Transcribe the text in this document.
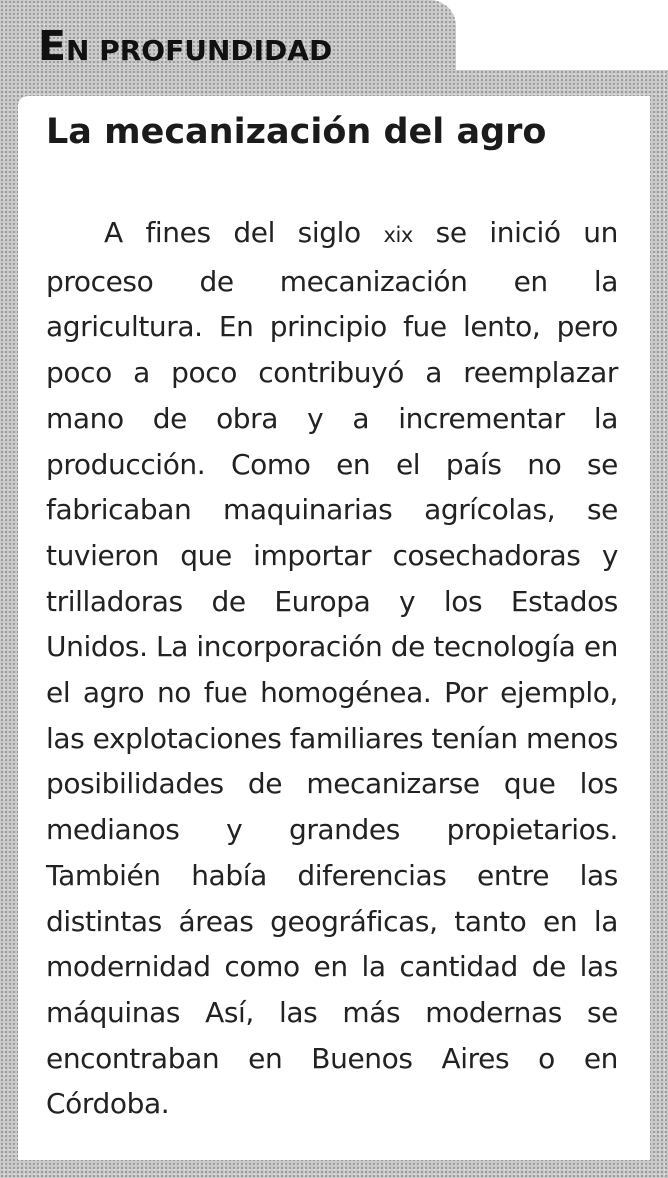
EN PROFUNDIDAD
La mecanización del agro

A fines del siglo xix se inició un proceso de mecanización en la agricultura. En principio fue lento, pero poco a poco contribuyó a reemplazar mano de obra y a incrementar la producción. Como en el país no se fabricaban maquinarias agrícolas, se tuvieron que importar cosechadoras y trilladoras de Europa y los Estados Unidos. La incorporación de tecnología en el agro no fue homogénea. Por ejemplo, las explotaciones familiares tenían menos posibilidades de mecanizarse que los medianos y grandes propietarios. También había diferencias entre las distintas áreas geográficas, tanto en la modernidad como en la cantidad de las máquinas Así, las más modernas se encontraban en Buenos Aires o en Córdoba.
